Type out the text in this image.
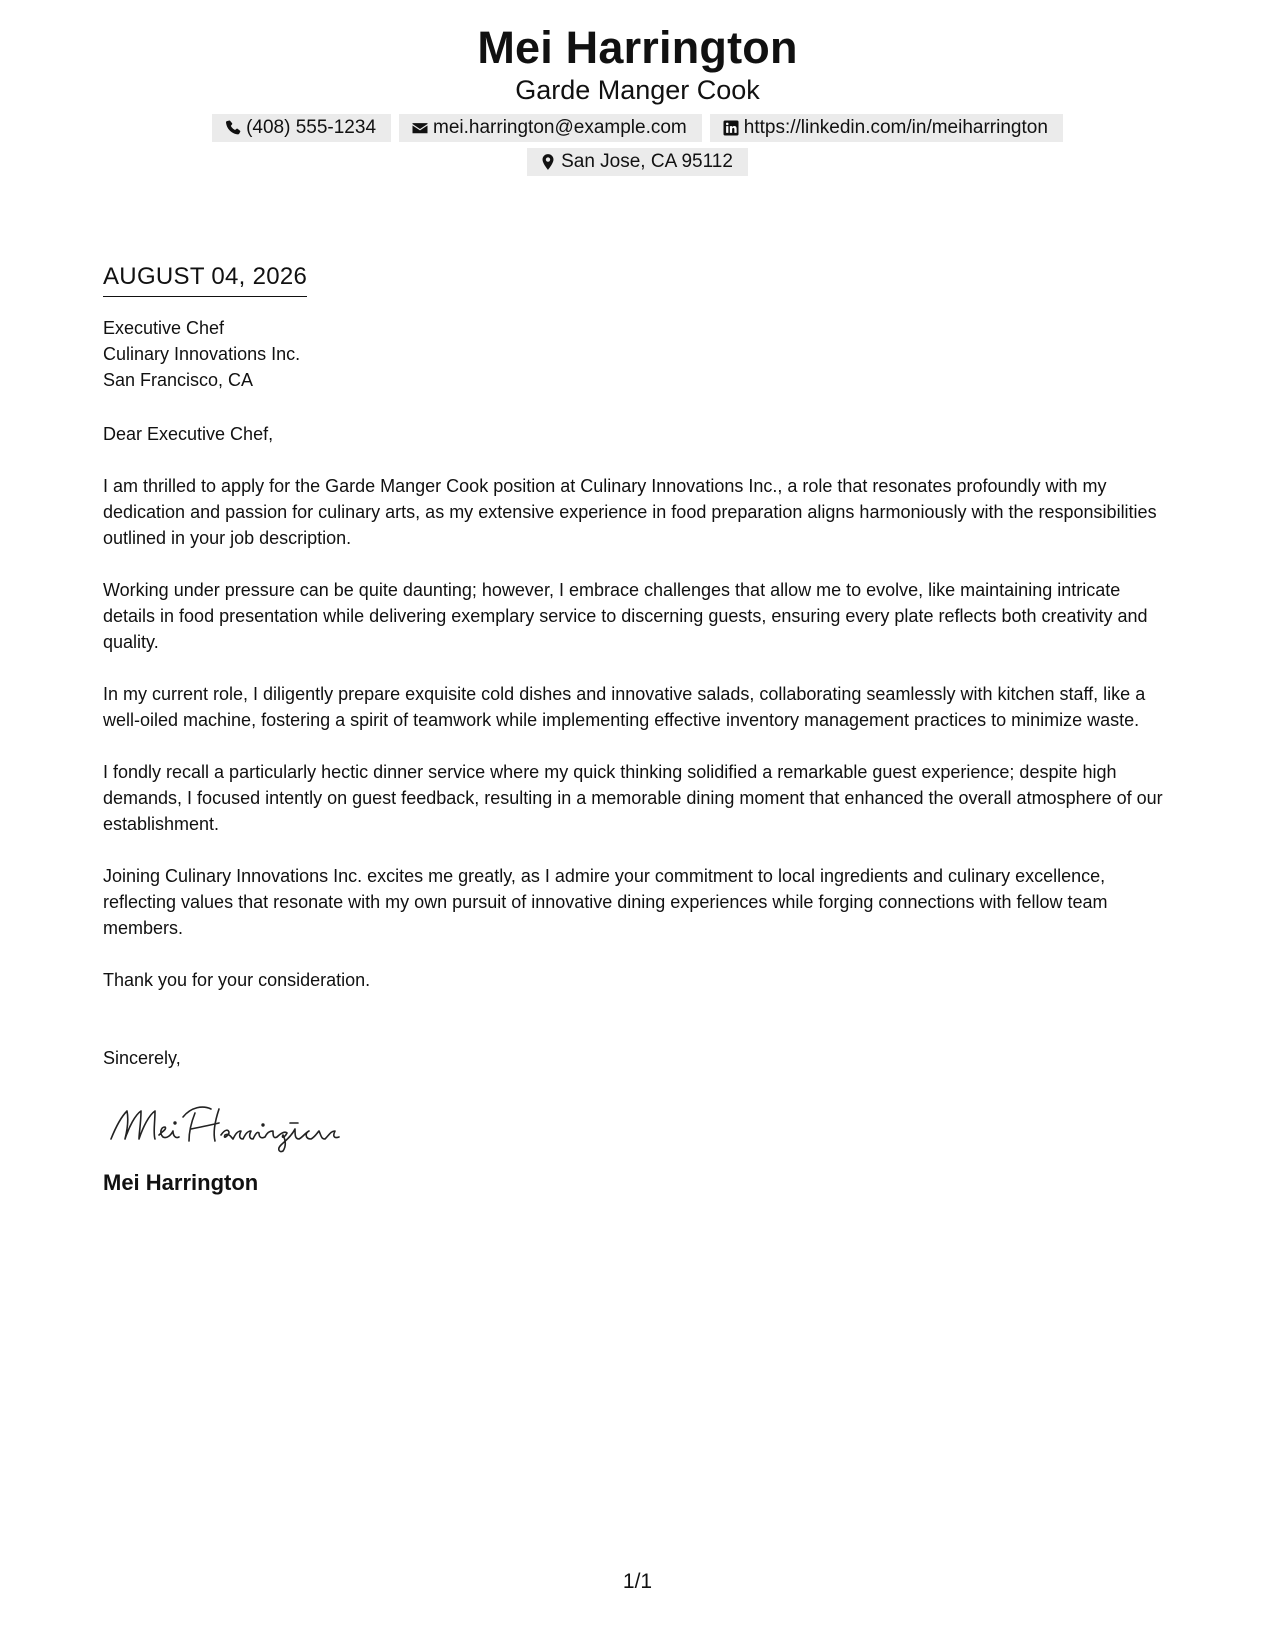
Mei Harrington
Garde Manger Cook
(408) 555-1234	mei.harrington@example.com	https://linkedin.com/in/meiharrington
San Jose, CA 95112
AUGUST 04, 2026
Executive Chef
Culinary Innovations Inc.
San Francisco, CA
Dear Executive Chef,

I am thrilled to apply for the Garde Manger Cook position at Culinary Innovations Inc., a role that resonates profoundly with my dedication and passion for culinary arts, as my extensive experience in food preparation aligns harmoniously with the responsibilities outlined in your job description.

Working under pressure can be quite daunting; however, I embrace challenges that allow me to evolve, like maintaining intricate details in food presentation while delivering exemplary service to discerning guests, ensuring every plate reflects both creativity and quality.

In my current role, I diligently prepare exquisite cold dishes and innovative salads, collaborating seamlessly with kitchen staff, like a well-oiled machine, fostering a spirit of teamwork while implementing effective inventory management practices to minimize waste.

I fondly recall a particularly hectic dinner service where my quick thinking solidified a remarkable guest experience; despite high demands, I focused intently on guest feedback, resulting in a memorable dining moment that enhanced the overall atmosphere of our establishment.

Joining Culinary Innovations Inc. excites me greatly, as I admire your commitment to local ingredients and culinary excellence, reflecting values that resonate with my own pursuit of innovative dining experiences while forging connections with fellow team members.

Thank you for your consideration.

Sincerely,
Mei Harrington
1/1
